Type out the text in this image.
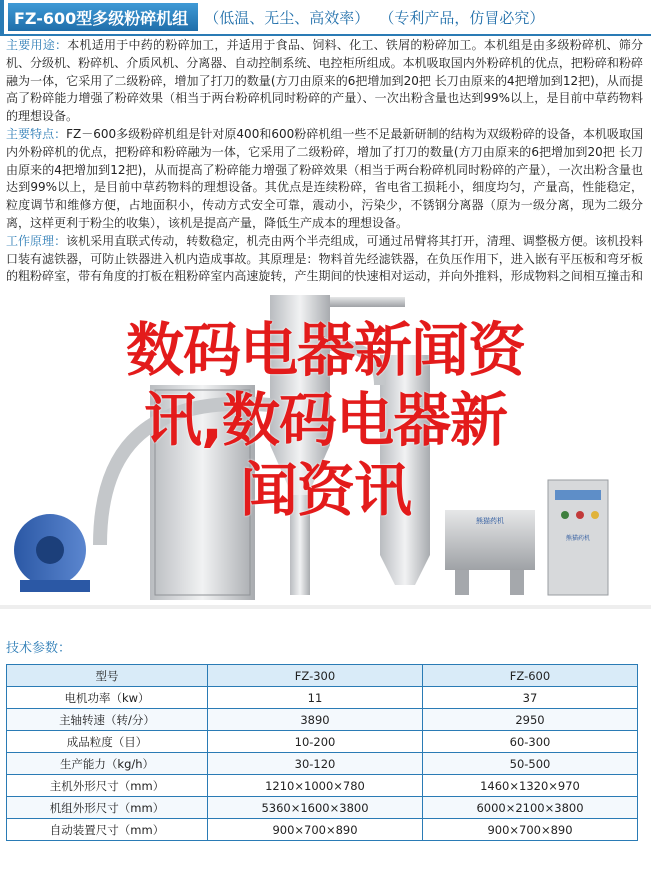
FZ-600型多级粉碎机组	（低温、无尘、高效率） （专利产品，仿冒必究）

主要用途：本机适用于中药的粉碎加工，并适用于食品、饲料、化工、铁屑的粉碎加工。本机组是由多级粉碎机、筛分机、分级机、粉碎机、介质风机、分离器、自动控制系统、电控柜所组成。本机吸取国内外粉碎机的优点，把粉碎和粉碎融为一体，它采用了二级粉碎，增加了打刀的数量(方刀由原来的6把增加到20把 长刀由原来的4把增加到12把)，从而提高了粉碎能力增强了粉碎效果（相当于两台粉碎机同时粉碎的产量）、一次出粉含量也达到99%以上，是目前中草药物料的理想设备。

主要特点：FZ－600多级粉碎机组是针对原400和600粉碎机组一些不足最新研制的结构为双级粉碎的设备，本机吸取国内外粉碎机的优点，把粉碎和粉碎融为一体，它采用了二级粉碎，增加了打刀的数量(方刀由原来的6把增加到20把 长刀由原来的4把增加到12把)，从而提高了粉碎能力增强了粉碎效果（相当于两台粉碎机同时粉碎的产量），一次出粉含量也达到99%以上，是目前中草药物料的理想设备。其优点是连续粉碎，省电省工损耗小，细度均匀，产量高，性能稳定，粒度调节和维修方便，占地面积小，传动方式安全可靠，震动小，污染少，不锈钢分离器（原为一级分离，现为二级分离，这样更利于粉尘的收集），该机是提高产量，降低生产成本的理想设备。

工作原理：该机采用直联式传动，转数稳定，机壳由两个半壳组成，可通过吊臂将其打开，清理、调整极方便。该机投料口装有滤铁器，可防止铁器进入机内造成事故。其原理是：物料首先经滤铁器，在负压作用下，进入嵌有平压板和弯牙板的粗粉碎室，带有角度的打板在粗粉碎室内高速旋转，产生期间的快速相对运动，并向外推料，形成物料之间相互撞击和

熊猫药机
熊猫药机
数码电器新闻资
讯,数码电器新
闻资讯
技术参数：
型号	FZ-300	FZ-600
电机功率（kw）	11	37
主轴转速（转/分）	3890	2950
成品粒度（目）	10-200	60-300
生产能力（kg/h）	30-120	50-500
主机外形尺寸（mm）	1210×1000×780	1460×1320×970
机组外形尺寸（mm）	5360×1600×3800	6000×2100×3800
自动装置尺寸（mm）	900×700×890	900×700×890
